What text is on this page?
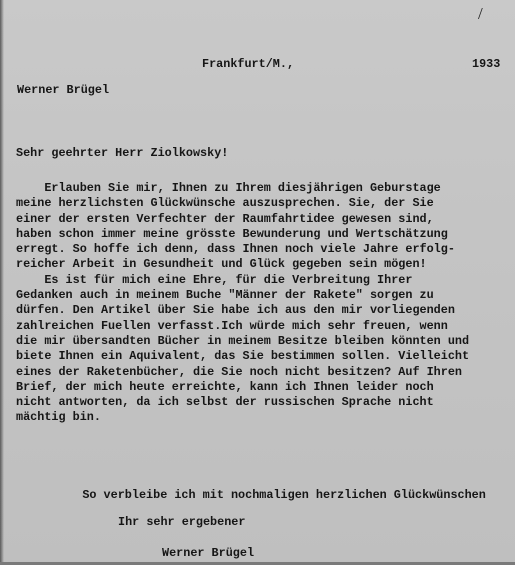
/
Frankfurt/M.,	1933
Werner Brügel
Sehr geehrter Herr Ziolkowsky!
Erlauben Sie mir, Ihnen zu Ihrem diesjährigen Geburstage
meine herzlichsten Glückwünsche auszusprechen. Sie, der Sie
einer der ersten Verfechter der Raumfahrtidee gewesen sind,
haben schon immer meine grösste Bewunderung und Wertschätzung
erregt. So hoffe ich denn, dass Ihnen noch viele Jahre erfolg-
reicher Arbeit in Gesundheit und Glück gegeben sein mögen!
Es ist für mich eine Ehre, für die Verbreitung Ihrer
Gedanken auch in meinem Buche "Männer der Rakete" sorgen zu
dürfen. Den Artikel über Sie habe ich aus den mir vorliegenden
zahlreichen Fuellen verfasst.Ich würde mich sehr freuen, wenn
die mir übersandten Bücher in meinem Besitze bleiben könnten und
biete Ihnen ein Aquivalent, das Sie bestimmen sollen. Vielleicht
eines der Raketenbücher, die Sie noch nicht besitzen? Auf Ihren
Brief, der mich heute erreichte, kann ich Ihnen leider noch
nicht antworten, da ich selbst der russischen Sprache nicht
mächtig bin.
So verbleibe ich mit nochmaligen herzlichen Glückwünschen
Ihr sehr ergebener
Werner Brügel
